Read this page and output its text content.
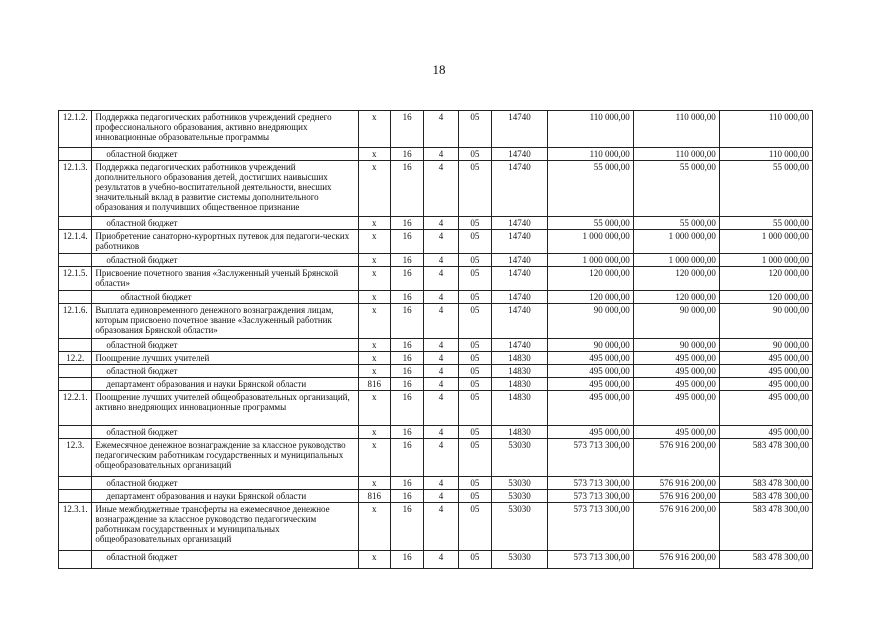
18
12.1.2.	Поддержка педагогических работников учреждений среднего профессионального образования, активно внедряющих инновационные образовательные программы	х	16	4	05	14740	110 000,00	110 000,00	110 000,00
	областной бюджет	х	16	4	05	14740	110 000,00	110 000,00	110 000,00
12.1.3.	Поддержка педагогических работников учреждений дополнительного образования детей, достигших наивысших результатов в учебно-воспитательной деятельности, внесших значительный вклад в развитие системы дополнительного образования и получивших общественное признание	х	16	4	05	14740	55 000,00	55 000,00	55 000,00
	областной бюджет	х	16	4	05	14740	55 000,00	55 000,00	55 000,00
12.1.4.	Приобретение санаторно-курортных путевок для педагоги-ческих работников	х	16	4	05	14740	1 000 000,00	1 000 000,00	1 000 000,00
	областной бюджет	х	16	4	05	14740	1 000 000,00	1 000 000,00	1 000 000,00
12.1.5.	Присвоение почетного звания «Заслуженный ученый Брянской области»	х	16	4	05	14740	120 000,00	120 000,00	120 000,00
	областной бюджет	х	16	4	05	14740	120 000,00	120 000,00	120 000,00
12.1.6.	Выплата единовременного денежного вознаграждения лицам, которым присвоено почетное звание «Заслуженный работник образования Брянской области»	х	16	4	05	14740	90 000,00	90 000,00	90 000,00
	областной бюджет	х	16	4	05	14740	90 000,00	90 000,00	90 000,00
12.2.	Поощрение лучших учителей	х	16	4	05	14830	495 000,00	495 000,00	495 000,00
	областной бюджет	х	16	4	05	14830	495 000,00	495 000,00	495 000,00
	департамент образования и науки Брянской области	816	16	4	05	14830	495 000,00	495 000,00	495 000,00
12.2.1.	Поощрение лучших учителей общеобразовательных организаций, активно внедряющих инновационные программы	х	16	4	05	14830	495 000,00	495 000,00	495 000,00
	областной бюджет	х	16	4	05	14830	495 000,00	495 000,00	495 000,00
12.3.	Ежемесячное денежное вознаграждение за классное руководство педагогическим работникам государственных и муниципальных общеобразовательных организаций	х	16	4	05	53030	573 713 300,00	576 916 200,00	583 478 300,00
	областной бюджет	х	16	4	05	53030	573 713 300,00	576 916 200,00	583 478 300,00
	департамент образования и науки Брянской области	816	16	4	05	53030	573 713 300,00	576 916 200,00	583 478 300,00
12.3.1.	Иные межбюджетные трансферты на ежемесячное денежное вознаграждение за классное руководство педагогическим работникам государственных и муниципальных общеобразовательных организаций	х	16	4	05	53030	573 713 300,00	576 916 200,00	583 478 300,00
	областной бюджет	х	16	4	05	53030	573 713 300,00	576 916 200,00	583 478 300,00
